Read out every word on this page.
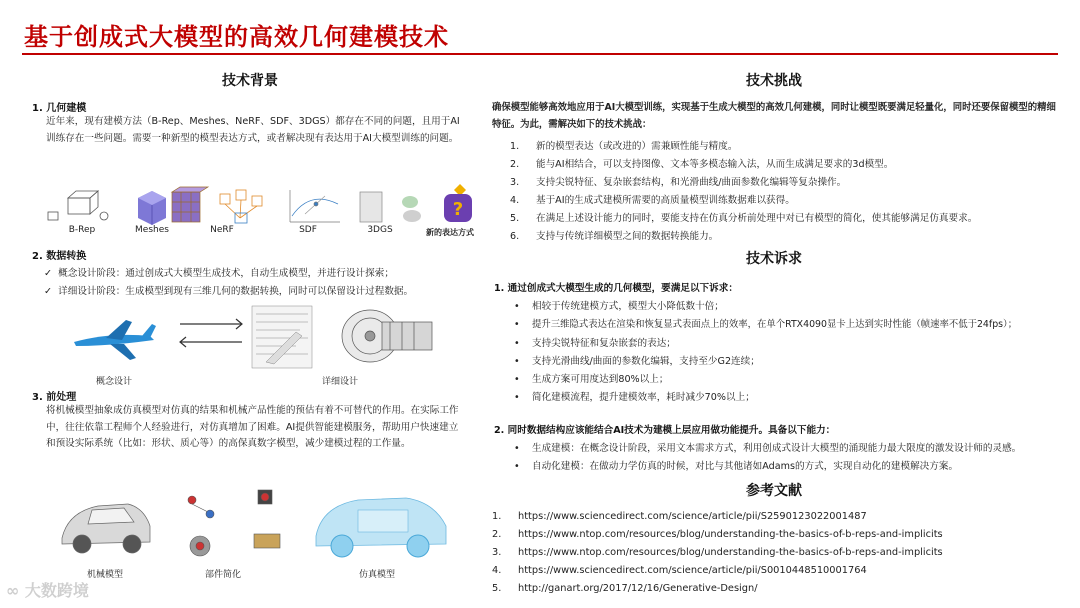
基于创成式大模型的高效几何建模技术
技术背景
1. 几何建模
近年来，现有建模方法（B-Rep、Meshes、NeRF、SDF、3DGS）都存在不同的问题，且用于AI训练存在一些问题。需要一种新型的模型表达方式，或者解决现有表达用于AI大模型训练的问题。
?
B-Rep	Meshes	NeRF	SDF	3DGS	新的表达方式
2. 数据转换
✓ 概念设计阶段：通过创成式大模型生成技术，自动生成模型，并进行设计探索；
✓ 详细设计阶段：生成模型到现有三维几何的数据转换，同时可以保留设计过程数据。
概念设计	详细设计
3. 前处理
将机械模型抽象成仿真模型对仿真的结果和机械产品性能的预估有着不可替代的作用。在实际工作中，往往依靠工程师个人经验进行，对仿真增加了困难。AI提供智能建模服务，帮助用户快速建立和预设实际系统（比如：形状、质心等）的高保真数字模型，减少建模过程的工作量。
机械模型	部件简化	仿真模型
技术挑战
确保模型能够高效地应用于AI大模型训练，实现基于生成大模型的高效几何建模，同时让模型既要满足轻量化，同时还要保留模型的精细特征。为此，需解决如下的技术挑战：
1. 新的模型表达（或改进的）需兼顾性能与精度。
2. 能与AI相结合，可以支持图像、文本等多模态输入法，从而生成满足要求的3d模型。
3. 支持尖锐特征、复杂嵌套结构，和光滑曲线/曲面参数化编辑等复杂操作。
4. 基于AI的生成式建模所需要的高质量模型训练数据难以获得。
5. 在满足上述设计能力的同时，要能支持在仿真分析前处理中对已有模型的简化，使其能够满足仿真要求。
6. 支持与传统详细模型之间的数据转换能力。
技术诉求
1. 通过创成式大模型生成的几何模型，要满足以下诉求：
• 相较于传统建模方式，模型大小降低数十倍；
• 提升三维隐式表达在渲染和恢复显式表面点上的效率，在单个RTX4090显卡上达到实时性能（帧速率不低于24fps）；
• 支持尖锐特征和复杂嵌套的表达；
• 支持光滑曲线/曲面的参数化编辑，支持至少G2连续；
• 生成方案可用度达到80%以上；
• 简化建模流程，提升建模效率，耗时减少70%以上；
2. 同时数据结构应该能结合AI技术为建模上层应用做功能提升。具备以下能力：
• 生成建模：在概念设计阶段，采用文本需求方式，利用创成式设计大模型的涌现能力最大限度的激发设计师的灵感。
• 自动化建模：在做动力学仿真的时候，对比与其他诸如Adams的方式，实现自动化的建模解决方案。
参考文献
1. https://www.sciencedirect.com/science/article/pii/S2590123022001487
2. https://www.ntop.com/resources/blog/understanding-the-basics-of-b-reps-and-implicits
3. https://www.ntop.com/resources/blog/understanding-the-basics-of-b-reps-and-implicits
4. https://www.sciencedirect.com/science/article/pii/S0010448510001764
5. http://ganart.org/2017/12/16/Generative-Design/
∞ 大数跨境
